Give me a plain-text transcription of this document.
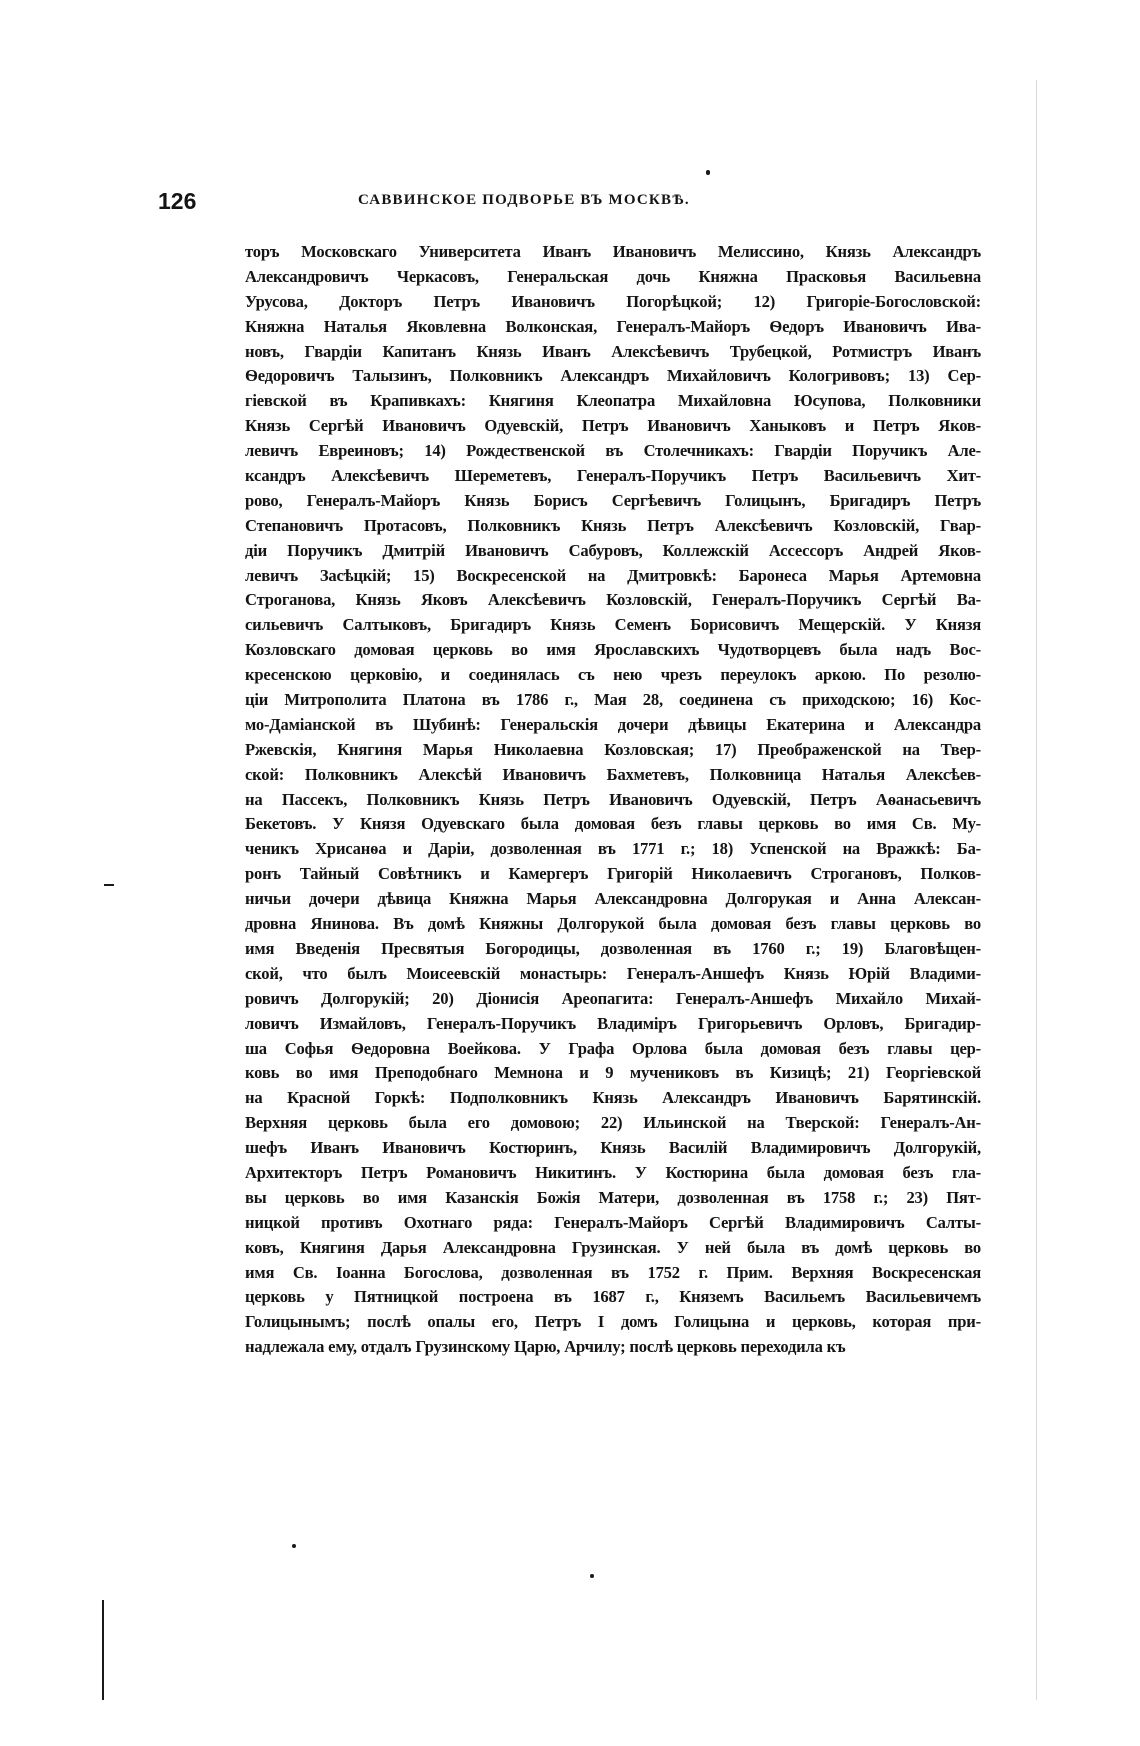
126	САВВИНСКОЕ ПОДВОРЬЕ ВЪ МОСКВѢ.
торъ Московскаго Университета Иванъ Ивановичъ Мелиссино, Князь Александръ
Александровичъ Черкасовъ, Генеральская дочь Княжна Прасковья Васильевна
Урусова, Докторъ Петръ Ивановичъ Погорѣцкой; 12) Григоріе-Богословской:
Княжна Наталья Яковлевна Волконская, Генералъ-Майоръ Ѳедоръ Ивановичъ Ива-
новъ, Гвардіи Капитанъ Князь Иванъ Алексѣевичъ Трубецкой, Ротмистръ Иванъ
Ѳедоровичъ Талызинъ, Полковникъ Александръ Михайловичъ Кологривовъ; 13) Сер-
гіевской въ Крапивкахъ: Княгиня Клеопатра Михайловна Юсупова, Полковники
Князь Сергѣй Ивановичъ Одуевскій, Петръ Ивановичъ Ханыковъ и Петръ Яков-
левичъ Евреиновъ; 14) Рождественской въ Столечникахъ: Гвардіи Поручикъ Але-
ксандръ Алексѣевичъ Шереметевъ, Генералъ-Поручикъ Петръ Васильевичъ Хит-
рово, Генералъ-Майоръ Князь Борисъ Сергѣевичъ Голицынъ, Бригадиръ Петръ
Степановичъ Протасовъ, Полковникъ Князь Петръ Алексѣевичъ Козловскій, Гвар-
діи Поручикъ Дмитрій Ивановичъ Сабуровъ, Коллежскій Ассессоръ Андрей Яков-
левичъ Засѣцкій; 15) Воскресенской на Дмитровкѣ: Баронеса Марья Артемовна
Строганова, Князь Яковъ Алексѣевичъ Козловскій, Генералъ-Поручикъ Сергѣй Ва-
сильевичъ Салтыковъ, Бригадиръ Князь Семенъ Борисовичъ Мещерскій. У Князя
Козловскаго домовая церковь во имя Ярославскихъ Чудотворцевъ была надъ Вос-
кресенскою церковію, и соединялась съ нею чрезъ переулокъ аркою. По резолю-
ціи Митрополита Платона въ 1786 г., Мая 28, соединена съ приходскою; 16) Кос-
мо-Даміанской въ Шубинѣ: Генеральскія дочери дѣвицы Екатерина и Александра
Ржевскія, Княгиня Марья Николаевна Козловская; 17) Преображенской на Твер-
ской: Полковникъ Алексѣй Ивановичъ Бахметевъ, Полковница Наталья Алексѣев-
на Пассекъ, Полковникъ Князь Петръ Ивановичъ Одуевскій, Петръ Аѳанасьевичъ
Бекетовъ. У Князя Одуевскаго была домовая безъ главы церковь во имя Св. Му-
ченикъ Хрисанѳа и Даріи, дозволенная въ 1771 г.; 18) Успенской на Вражкѣ: Ба-
ронъ Тайный Совѣтникъ и Камергеръ Григорій Николаевичъ Строгановъ, Полков-
ничьи дочери дѣвица Княжна Марья Александровна Долгорукая и Анна Алексан-
дровна Янинова. Въ домѣ Княжны Долгорукой была домовая безъ главы церковь во
имя Введенія Пресвятыя Богородицы, дозволенная въ 1760 г.; 19) Благовѣщен-
ской, что былъ Моисеевскій монастырь: Генералъ-Аншефъ Князь Юрій Владими-
ровичъ Долгорукій; 20) Діонисія Ареопагита: Генералъ-Аншефъ Михайло Михай-
ловичъ Измайловъ, Генералъ-Поручикъ Владиміръ Григорьевичъ Орловъ, Бригадир-
ша Софья Ѳедоровна Воейкова. У Графа Орлова была домовая безъ главы цер-
ковь во имя Преподобнаго Мемнона и 9 мучениковъ въ Кизицѣ; 21) Георгіевской
на Красной Горкѣ: Подполковникъ Князь Александръ Ивановичъ Барятинскій.
Верхняя церковь была его домовою; 22) Ильинской на Тверской: Генералъ-Ан-
шефъ Иванъ Ивановичъ Костюринъ, Князь Василій Владимировичъ Долгорукій,
Архитекторъ Петръ Романовичъ Никитинъ. У Костюрина была домовая безъ гла-
вы церковь во имя Казанскія Божія Матери, дозволенная въ 1758 г.; 23) Пят-
ницкой противъ Охотнаго ряда: Генералъ-Майоръ Сергѣй Владимировичъ Салты-
ковъ, Княгиня Дарья Александровна Грузинская. У ней была въ домѣ церковь во
имя Св. Іоанна Богослова, дозволенная въ 1752 г. Прим. Верхняя Воскресенская
церковь у Пятницкой построена въ 1687 г., Княземъ Васильемъ Васильевичемъ
Голицынымъ; послѣ опалы его, Петръ I домъ Голицына и церковь, которая при-
надлежала ему, отдалъ Грузинскому Царю, Арчилу; послѣ церковь переходила къ
